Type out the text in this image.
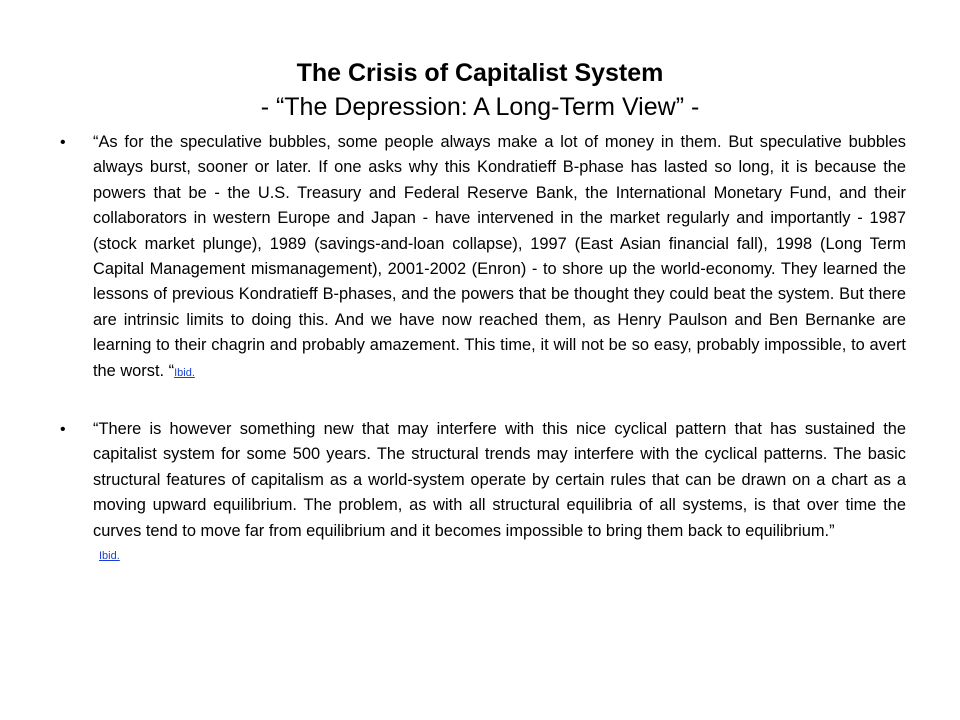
The Crisis of Capitalist System

- “The Depression: A Long-Term View” -

• “As for the speculative bubbles, some people always make a lot of money in them. But speculative bubbles always burst, sooner or later. If one asks why this Kondratieff B-phase has lasted so long, it is because the powers that be - the U.S. Treasury and Federal Reserve Bank, the International Monetary Fund, and their collaborators in western Europe and Japan - have intervened in the market regularly and importantly - 1987 (stock market plunge), 1989 (savings-and-loan collapse), 1997 (East Asian financial fall), 1998 (Long Term Capital Management mismanagement), 2001-2002 (Enron) - to shore up the world-economy. They learned the lessons of previous Kondratieff B-phases, and the powers that be thought they could beat the system. But there are intrinsic limits to doing this. And we have now reached them, as Henry Paulson and Ben Bernanke are learning to their chagrin and probably amazement. This time, it will not be so easy, probably impossible, to avert the worst. “Ibid.
• “There is however something new that may interfere with this nice cyclical pattern that has sustained the capitalist system for some 500 years. The structural trends may interfere with the cyclical patterns. The basic structural features of capitalism as a world-system operate by certain rules that can be drawn on a chart as a moving upward equilibrium. The problem, as with all structural equilibria of all systems, is that over time the curves tend to move far from equilibrium and it becomes impossible to bring them back to equilibrium.”
Ibid.
